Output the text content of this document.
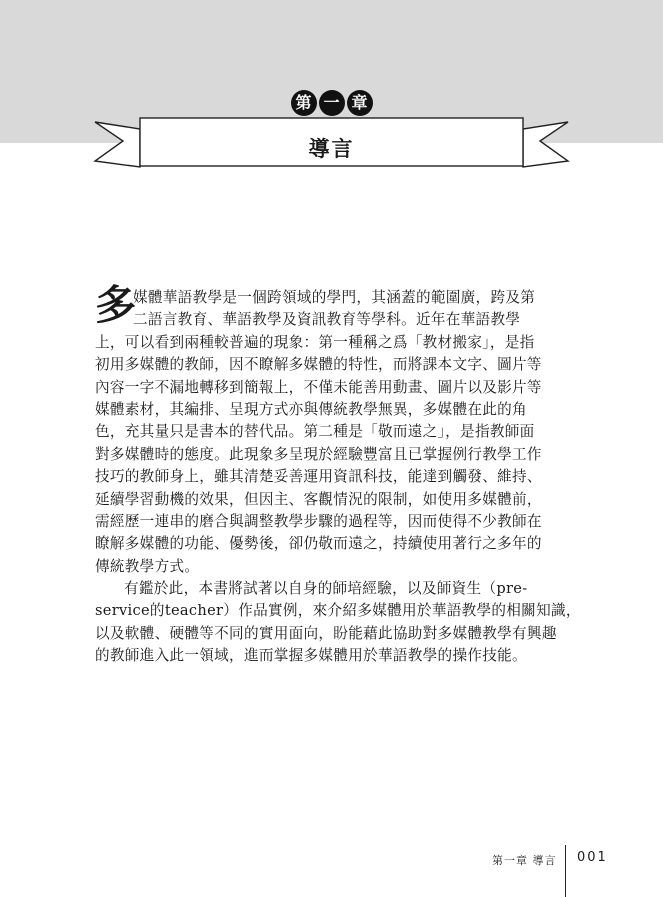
第 一 章
導言
多
媒體華語教學是一個跨領域的學門，其涵蓋的範圍廣，跨及第
二語言教育、華語教學及資訊教育等學科。近年在華語教學
上，可以看到兩種較普遍的現象：第一種稱之爲「教材搬家」，是指
初用多媒體的教師，因不瞭解多媒體的特性，而將課本文字、圖片等
內容一字不漏地轉移到簡報上，不僅未能善用動畫、圖片以及影片等
媒體素材，其編排、呈現方式亦與傳統教學無異，多媒體在此的角
色，充其量只是書本的替代品。第二種是「敬而遠之」，是指教師面
對多媒體時的態度。此現象多呈現於經驗豐富且已掌握例行教學工作
技巧的教師身上，雖其清楚妥善運用資訊科技，能達到觸發、維持、
延續學習動機的效果，但因主、客觀情況的限制，如使用多媒體前，
需經歷一連串的磨合與調整教學步驟的過程等，因而使得不少教師在
瞭解多媒體的功能、優勢後，卻仍敬而遠之，持續使用著行之多年的
傳統教學方式。
有鑑於此，本書將試著以自身的師培經驗，以及師資生（pre-
service的teacher）作品實例，來介紹多媒體用於華語教學的相關知識，
以及軟體、硬體等不同的實用面向，盼能藉此協助對多媒體教學有興趣
的教師進入此一領域，進而掌握多媒體用於華語教學的操作技能。
第一章 導言 001
